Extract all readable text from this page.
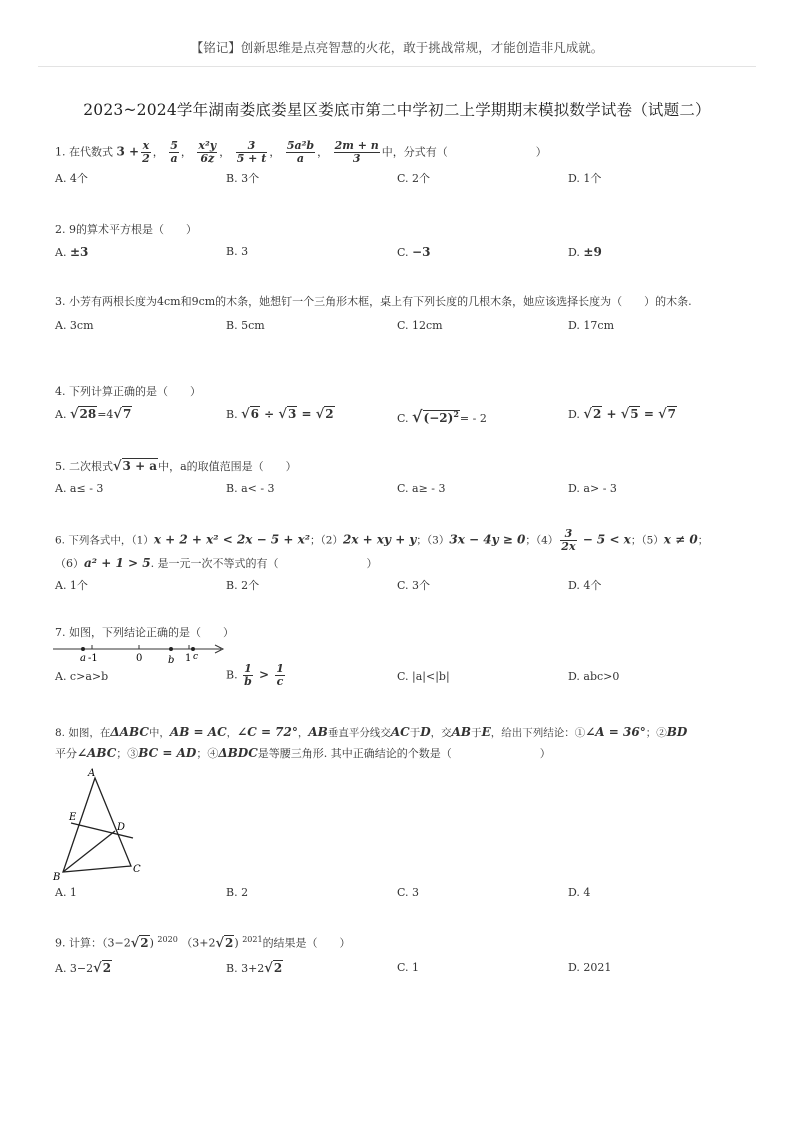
【铭记】创新思维是点亮智慧的火花，敢于挑战常规，才能创造非凡成就。
2023~2024学年湖南娄底娄星区娄底市第二中学初二上学期期末模拟数学试卷（试题二）
1. 在代数式 $3 + \frac{x}{2}$ ， $\frac{5}{a}$ ， $\frac{\text{x²y}}{6z}$ ， $\frac{3}{5 + t}$ ， $\frac{\text{5a²b}}{a}$ ， $\frac{2m + n}{3}$ 中，分式有（　　　　　　　　）
A. 4个	B. 3个	C. 2个	D. 1个
2. 9的算术平方根是（　　）
A. ±3	B. 3	C. −3	D. ±9
3. 小芳有两根长度为4cm和9cm的木条，她想钉一个三角形木框，桌上有下列长度的几根木条，她应该选择长度为（　　）的木条.
A. 3cm	B. 5cm	C. 12cm	D. 17cm
4. 下列计算正确的是（　　）
A. √28=4√7	B. √6 ÷ √3 = √2	C. $√(-2)^2= - 2$	D. √2 + √5 = √7
5. 二次根式√3 + a中，a的取值范围是（　　）
A. a≤ - 3	B. a< - 3	C. a≥ - 3	D. a> - 3
6. 下列各式中，（1）x + 2 + x² < 2x − 5 + x²；（2）2x + xy + y；（3）3x − 4y ≥ 0；$(4) \frac{3}{2x} - 5 < x$；（5）x ≠ 0；
（6）a² + 1 > 5. 是一元一次不等式的有（　　　　　　　　）
A. 1个	B. 2个	C. 3个	D. 4个
7. 如图，下列结论正确的是（　　）
a -1	0	b 1 c
A. c>a>b	B. $\frac{1}{b} > \frac{1}{c}$	C. |a|<|b|	D. abc>0
8. 如图，在ΔABC中，AB = AC，∠C = 72°，AB垂直平分线交AC于D，交AB于E，给出下列结论：①∠A = 36°；②BD
平分∠ABC；③BC = AD；④ΔBDC是等腰三角形. 其中正确结论的个数是（　　　　　　　　）
A
E
D
B
C
A. 1	B. 2	C. 3	D. 4
9. 计算：（3−2√2) $^{2020}$ （3+2√2) $^{2021}$的结果是（　　）
A. 3−2√2	B. 3+2√2	C. 1	D. 2021
